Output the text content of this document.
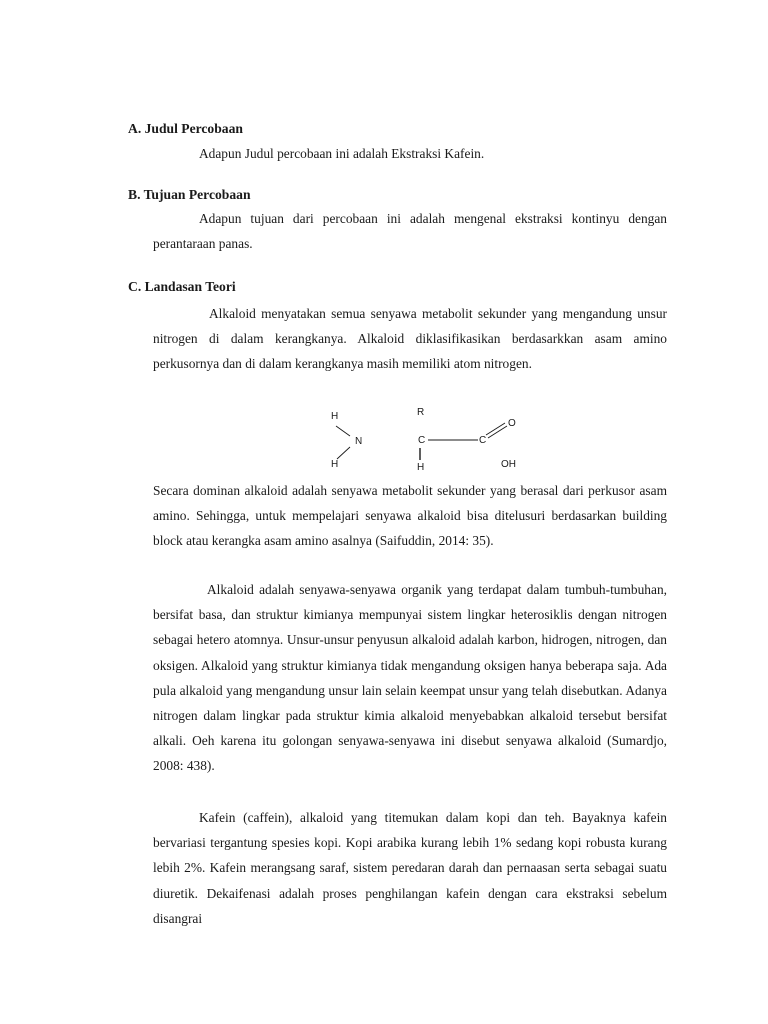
A. Judul Percobaan

Adapun Judul percobaan ini adalah Ekstraksi Kafein.

B. Tujuan Percobaan

Adapun tujuan dari percobaan ini adalah mengenal ekstraksi kontinyu dengan perantaraan panas.

C. Landasan Teori

Alkaloid menyatakan semua senyawa metabolit sekunder yang mengandung unsur nitrogen di dalam kerangkanya. Alkaloid diklasifikasikan berdasarkkan asam amino perkusornya dan di dalam kerangkanya masih memiliki atom nitrogen.

H
N
H
R
C
H
C
O
OH

Secara dominan alkaloid adalah senyawa metabolit sekunder yang berasal dari perkusor asam amino. Sehingga, untuk mempelajari senyawa alkaloid bisa ditelusuri berdasarkan building block atau kerangka asam amino asalnya (Saifuddin, 2014: 35).

Alkaloid adalah senyawa-senyawa organik yang terdapat dalam tumbuh-tumbuhan, bersifat basa, dan struktur kimianya mempunyai sistem lingkar heterosiklis dengan nitrogen sebagai hetero atomnya. Unsur-unsur penyusun alkaloid adalah karbon, hidrogen, nitrogen, dan oksigen. Alkaloid yang struktur kimianya tidak mengandung oksigen hanya beberapa saja. Ada pula alkaloid yang mengandung unsur lain selain keempat unsur yang telah disebutkan. Adanya nitrogen dalam lingkar pada struktur kimia alkaloid menyebabkan alkaloid tersebut bersifat alkali. Oeh karena itu golongan senyawa-senyawa ini disebut senyawa alkaloid (Sumardjo, 2008: 438).

Kafein (caffein), alkaloid yang titemukan dalam kopi dan teh. Bayaknya kafein bervariasi tergantung spesies kopi. Kopi arabika kurang lebih 1% sedang kopi robusta kurang lebih 2%. Kafein merangsang saraf, sistem peredaran darah dan pernaasan serta sebagai suatu diuretik. Dekaifenasi adalah proses penghilangan kafein dengan cara ekstraksi sebelum disangrai
